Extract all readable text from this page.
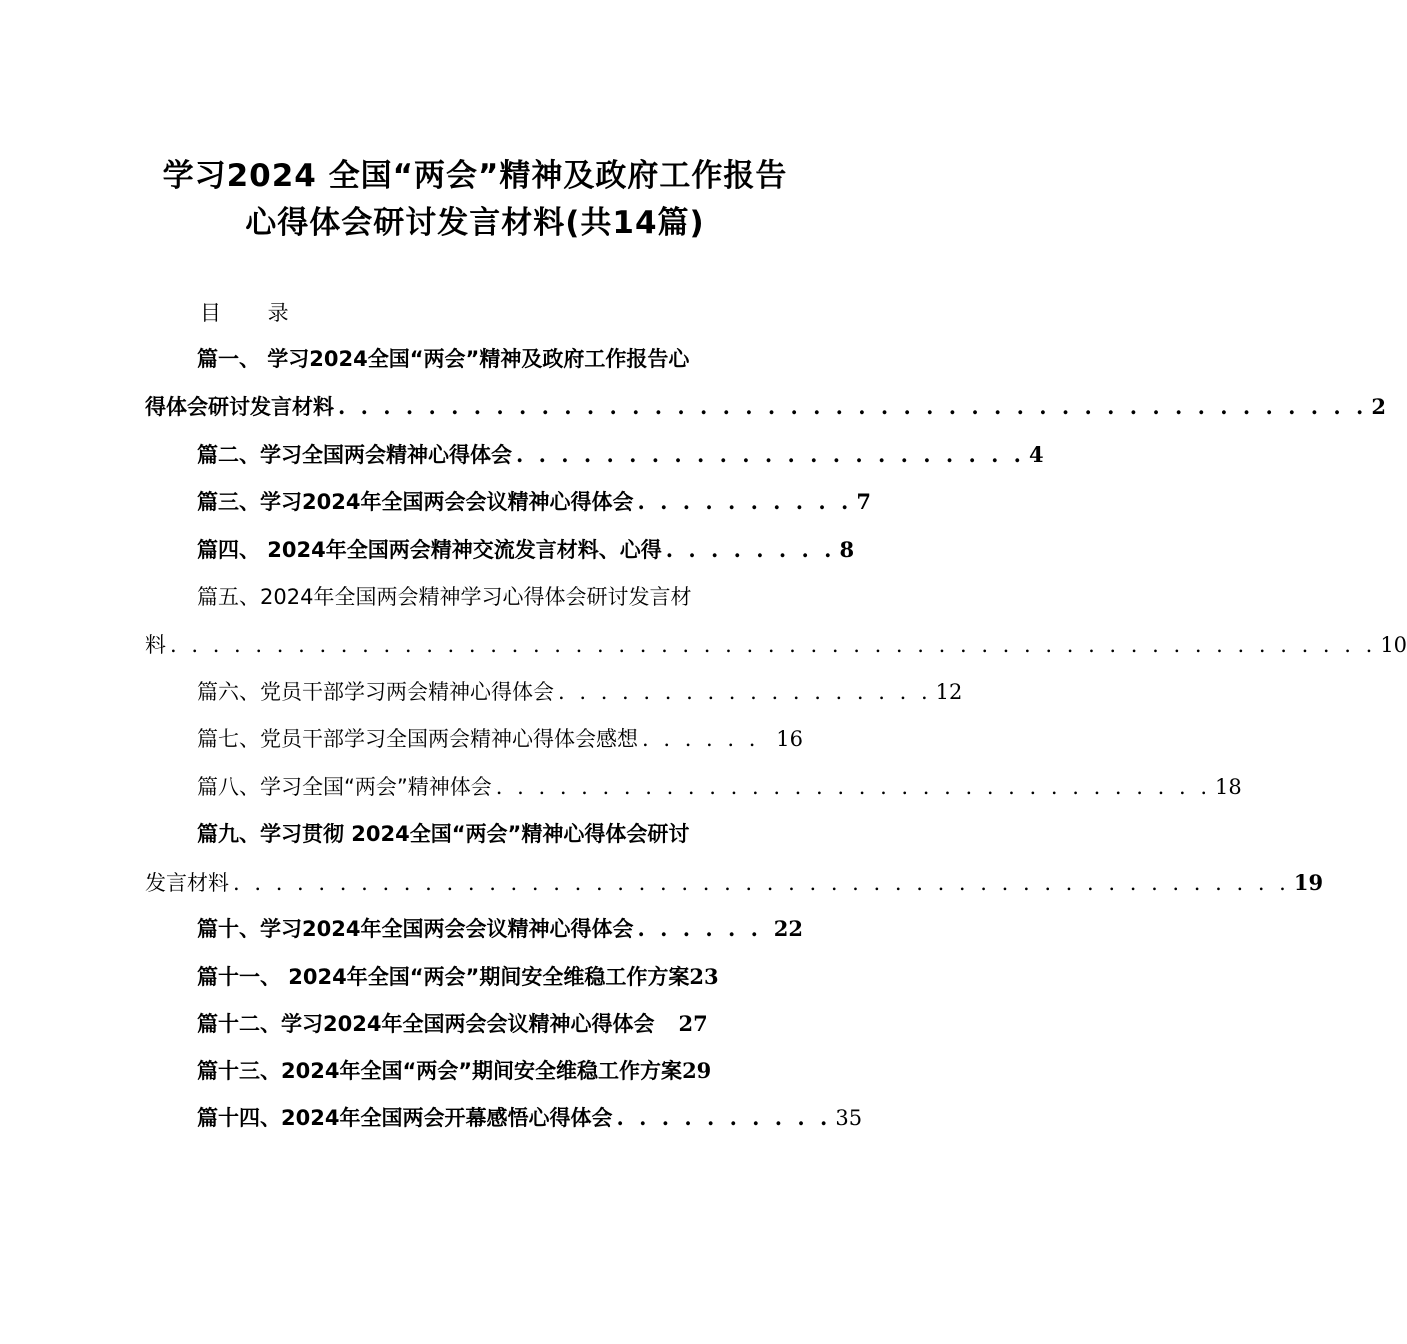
学习2024 全国“两会”精神及政府工作报告
心得体会研讨发言材料(共14篇)
目 录
篇一、 学习2024全国“两会”精神及政府工作报告心
得体会研讨发言材料 . . . . . . . . . . . . . . . . . . . . . . . . . . . . . . . . . . . . . . . . . . . . . . 2
篇二、学习全国两会精神心得体会 . . . . . . . . . . . . . . . . . . . . . . . 4
篇三、学习2024年全国两会会议精神心得体会 . . . . . . . . . . 7
篇四、 2024年全国两会精神交流发言材料、心得 . . . . . . . . 8
篇五、2024年全国两会精神学习心得体会研讨发言材
料 . . . . . . . . . . . . . . . . . . . . . . . . . . . . . . . . . . . . . . . . . . . . . . . . . . . . . . . . . 10
篇六、党员干部学习两会精神心得体会 . . . . . . . . . . . . . . . . . . 12
篇七、党员干部学习全国两会精神心得体会感想 . . . . . . 16
篇八、学习全国“两会”精神体会 . . . . . . . . . . . . . . . . . . . . . . . . . . . . . . . . . . 18
篇九、学习贯彻 2024全国“两会”精神心得体会研讨
发言材料 . . . . . . . . . . . . . . . . . . . . . . . . . . . . . . . . . . . . . . . . . . . . . . . . . . 19
篇十、学习2024年全国两会会议精神心得体会 . . . . . . 22
篇十一、 2024年全国“两会”期间安全维稳工作方案 23
篇十二、学习2024年全国两会会议精神心得体会 27
篇十三、2024年全国“两会”期间安全维稳工作方案 29
篇十四、2024年全国两会开幕感悟心得体会 . . . . . . . . . . 35
